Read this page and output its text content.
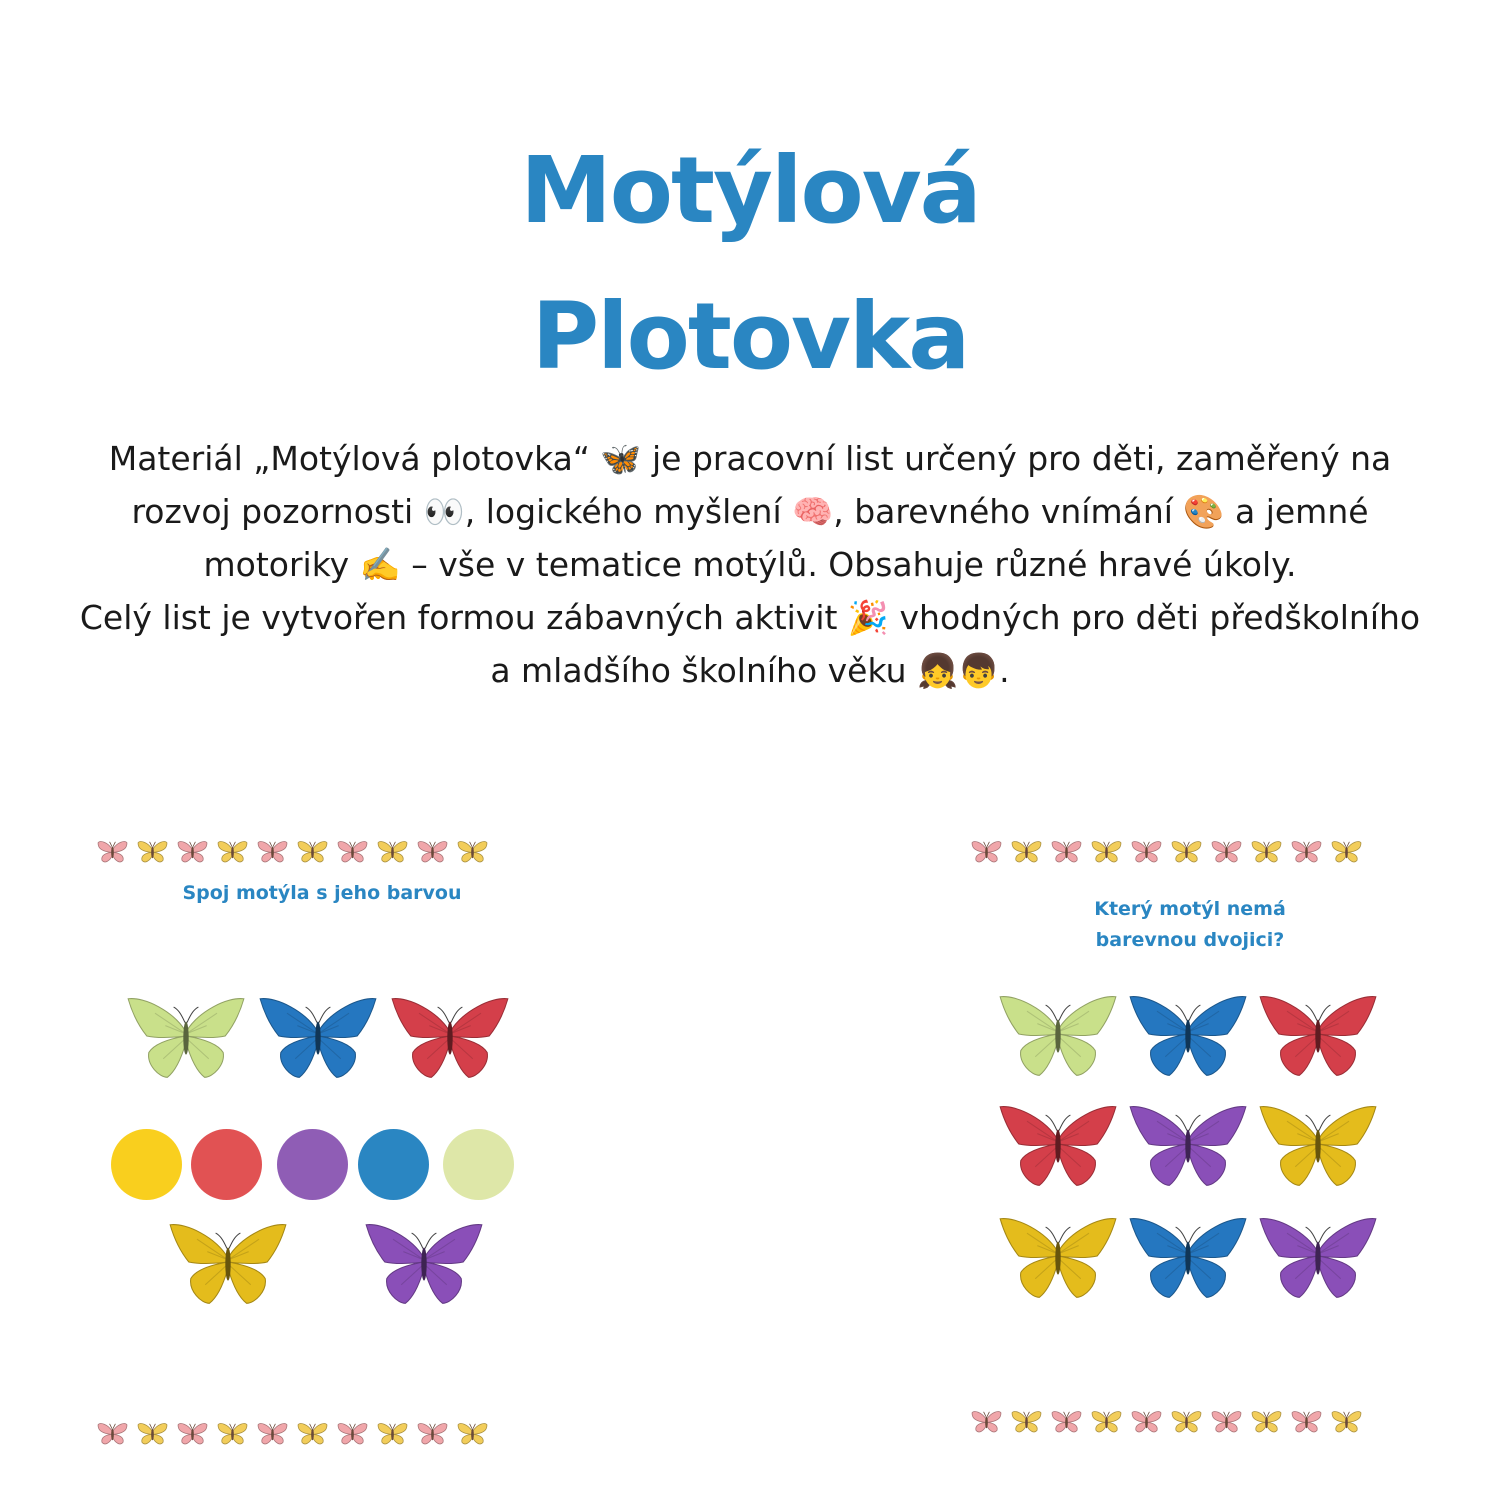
Motýlová
Plotovka
Materiál „Motýlová plotovka“ 🦋 je pracovní list určený pro děti, zaměřený na
rozvoj pozornosti 👀, logického myšlení 🧠, barevného vnímání 🎨 a jemné
motoriky ✍️ – vše v tematice motýlů. Obsahuje různé hravé úkoly.
Celý list je vytvořen formou zábavných aktivit 🎉 vhodných pro děti předškolního
a mladšího školního věku 👧👦.
Spoj motýla s jeho barvou
Který motýl nemá
barevnou dvojici?
